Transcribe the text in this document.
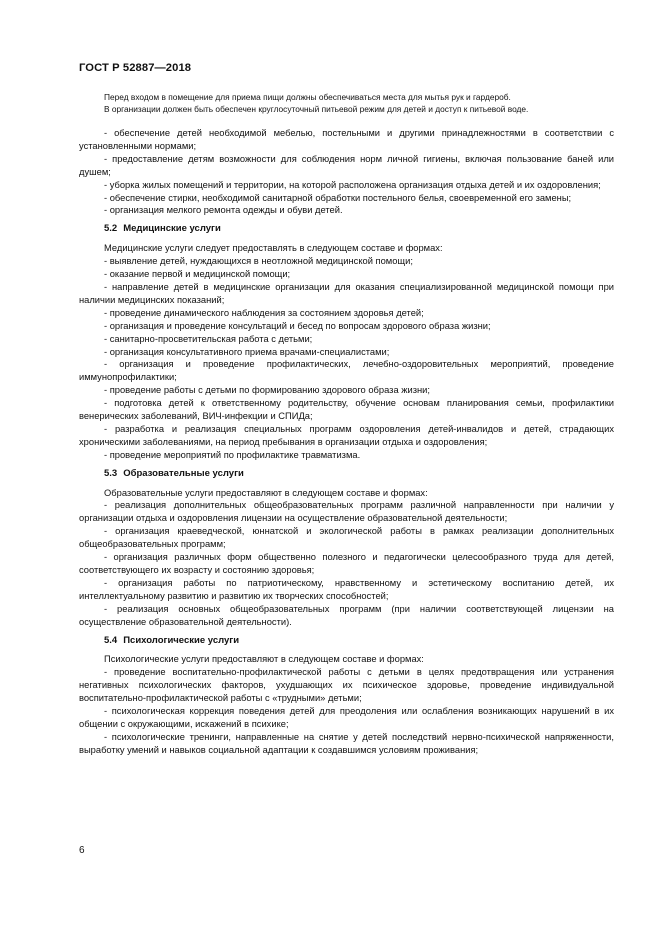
ГОСТ Р 52887—2018
Перед входом в помещение для приема пищи должны обеспечиваться места для мытья рук и гардероб.
В организации должен быть обеспечен круглосуточный питьевой режим для детей и доступ к питьевой воде.

- обеспечение детей необходимой мебелью, постельными и другими принадлежностями в соответствии с установленными нормами;

- предоставление детям возможности для соблюдения норм личной гигиены, включая пользование баней или душем;

- уборка жилых помещений и территории, на которой расположена организация отдыха детей и их оздоровления;

- обеспечение стирки, необходимой санитарной обработки постельного белья, своевременной его замены;

- организация мелкого ремонта одежды и обуви детей.

5.2 Медицинские услуги

Медицинские услуги следует предоставлять в следующем составе и формах:

- выявление детей, нуждающихся в неотложной медицинской помощи;

- оказание первой и медицинской помощи;

- направление детей в медицинские организации для оказания специализированной медицинской помощи при наличии медицинских показаний;

- проведение динамического наблюдения за состоянием здоровья детей;

- организация и проведение консультаций и бесед по вопросам здорового образа жизни;

- санитарно-просветительская работа с детьми;

- организация консультативного приема врачами-специалистами;

- организация и проведение профилактических, лечебно-оздоровительных мероприятий, проведение иммунопрофилактики;

- проведение работы с детьми по формированию здорового образа жизни;

- подготовка детей к ответственному родительству, обучение основам планирования семьи, профилактики венерических заболеваний, ВИЧ-инфекции и СПИДа;

- разработка и реализация специальных программ оздоровления детей-инвалидов и детей, страдающих хроническими заболеваниями, на период пребывания в организации отдыха и оздоровления;

- проведение мероприятий по профилактике травматизма.

5.3 Образовательные услуги

Образовательные услуги предоставляют в следующем составе и формах:

- реализация дополнительных общеобразовательных программ различной направленности при наличии у организации отдыха и оздоровления лицензии на осуществление образовательной деятельности;

- организация краеведческой, юннатской и экологической работы в рамках реализации дополнительных общеобразовательных программ;

- организация различных форм общественно полезного и педагогически целесообразного труда для детей, соответствующего их возрасту и состоянию здоровья;

- организация работы по патриотическому, нравственному и эстетическому воспитанию детей, их интеллектуальному развитию и развитию их творческих способностей;

- реализация основных общеобразовательных программ (при наличии соответствующей лицензии на осуществление образовательной деятельности).

5.4 Психологические услуги

Психологические услуги предоставляют в следующем составе и формах:

- проведение воспитательно-профилактической работы с детьми в целях предотвращения или устранения негативных психологических факторов, ухудшающих их психическое здоровье, проведение индивидуальной воспитательно-профилактической работы с «трудными» детьми;

- психологическая коррекция поведения детей для преодоления или ослабления возникающих нарушений в их общении с окружающими, искажений в психике;

- психологические тренинги, направленные на снятие у детей последствий нервно-психической напряженности, выработку умений и навыков социальной адаптации к создавшимся условиям проживания;

6
